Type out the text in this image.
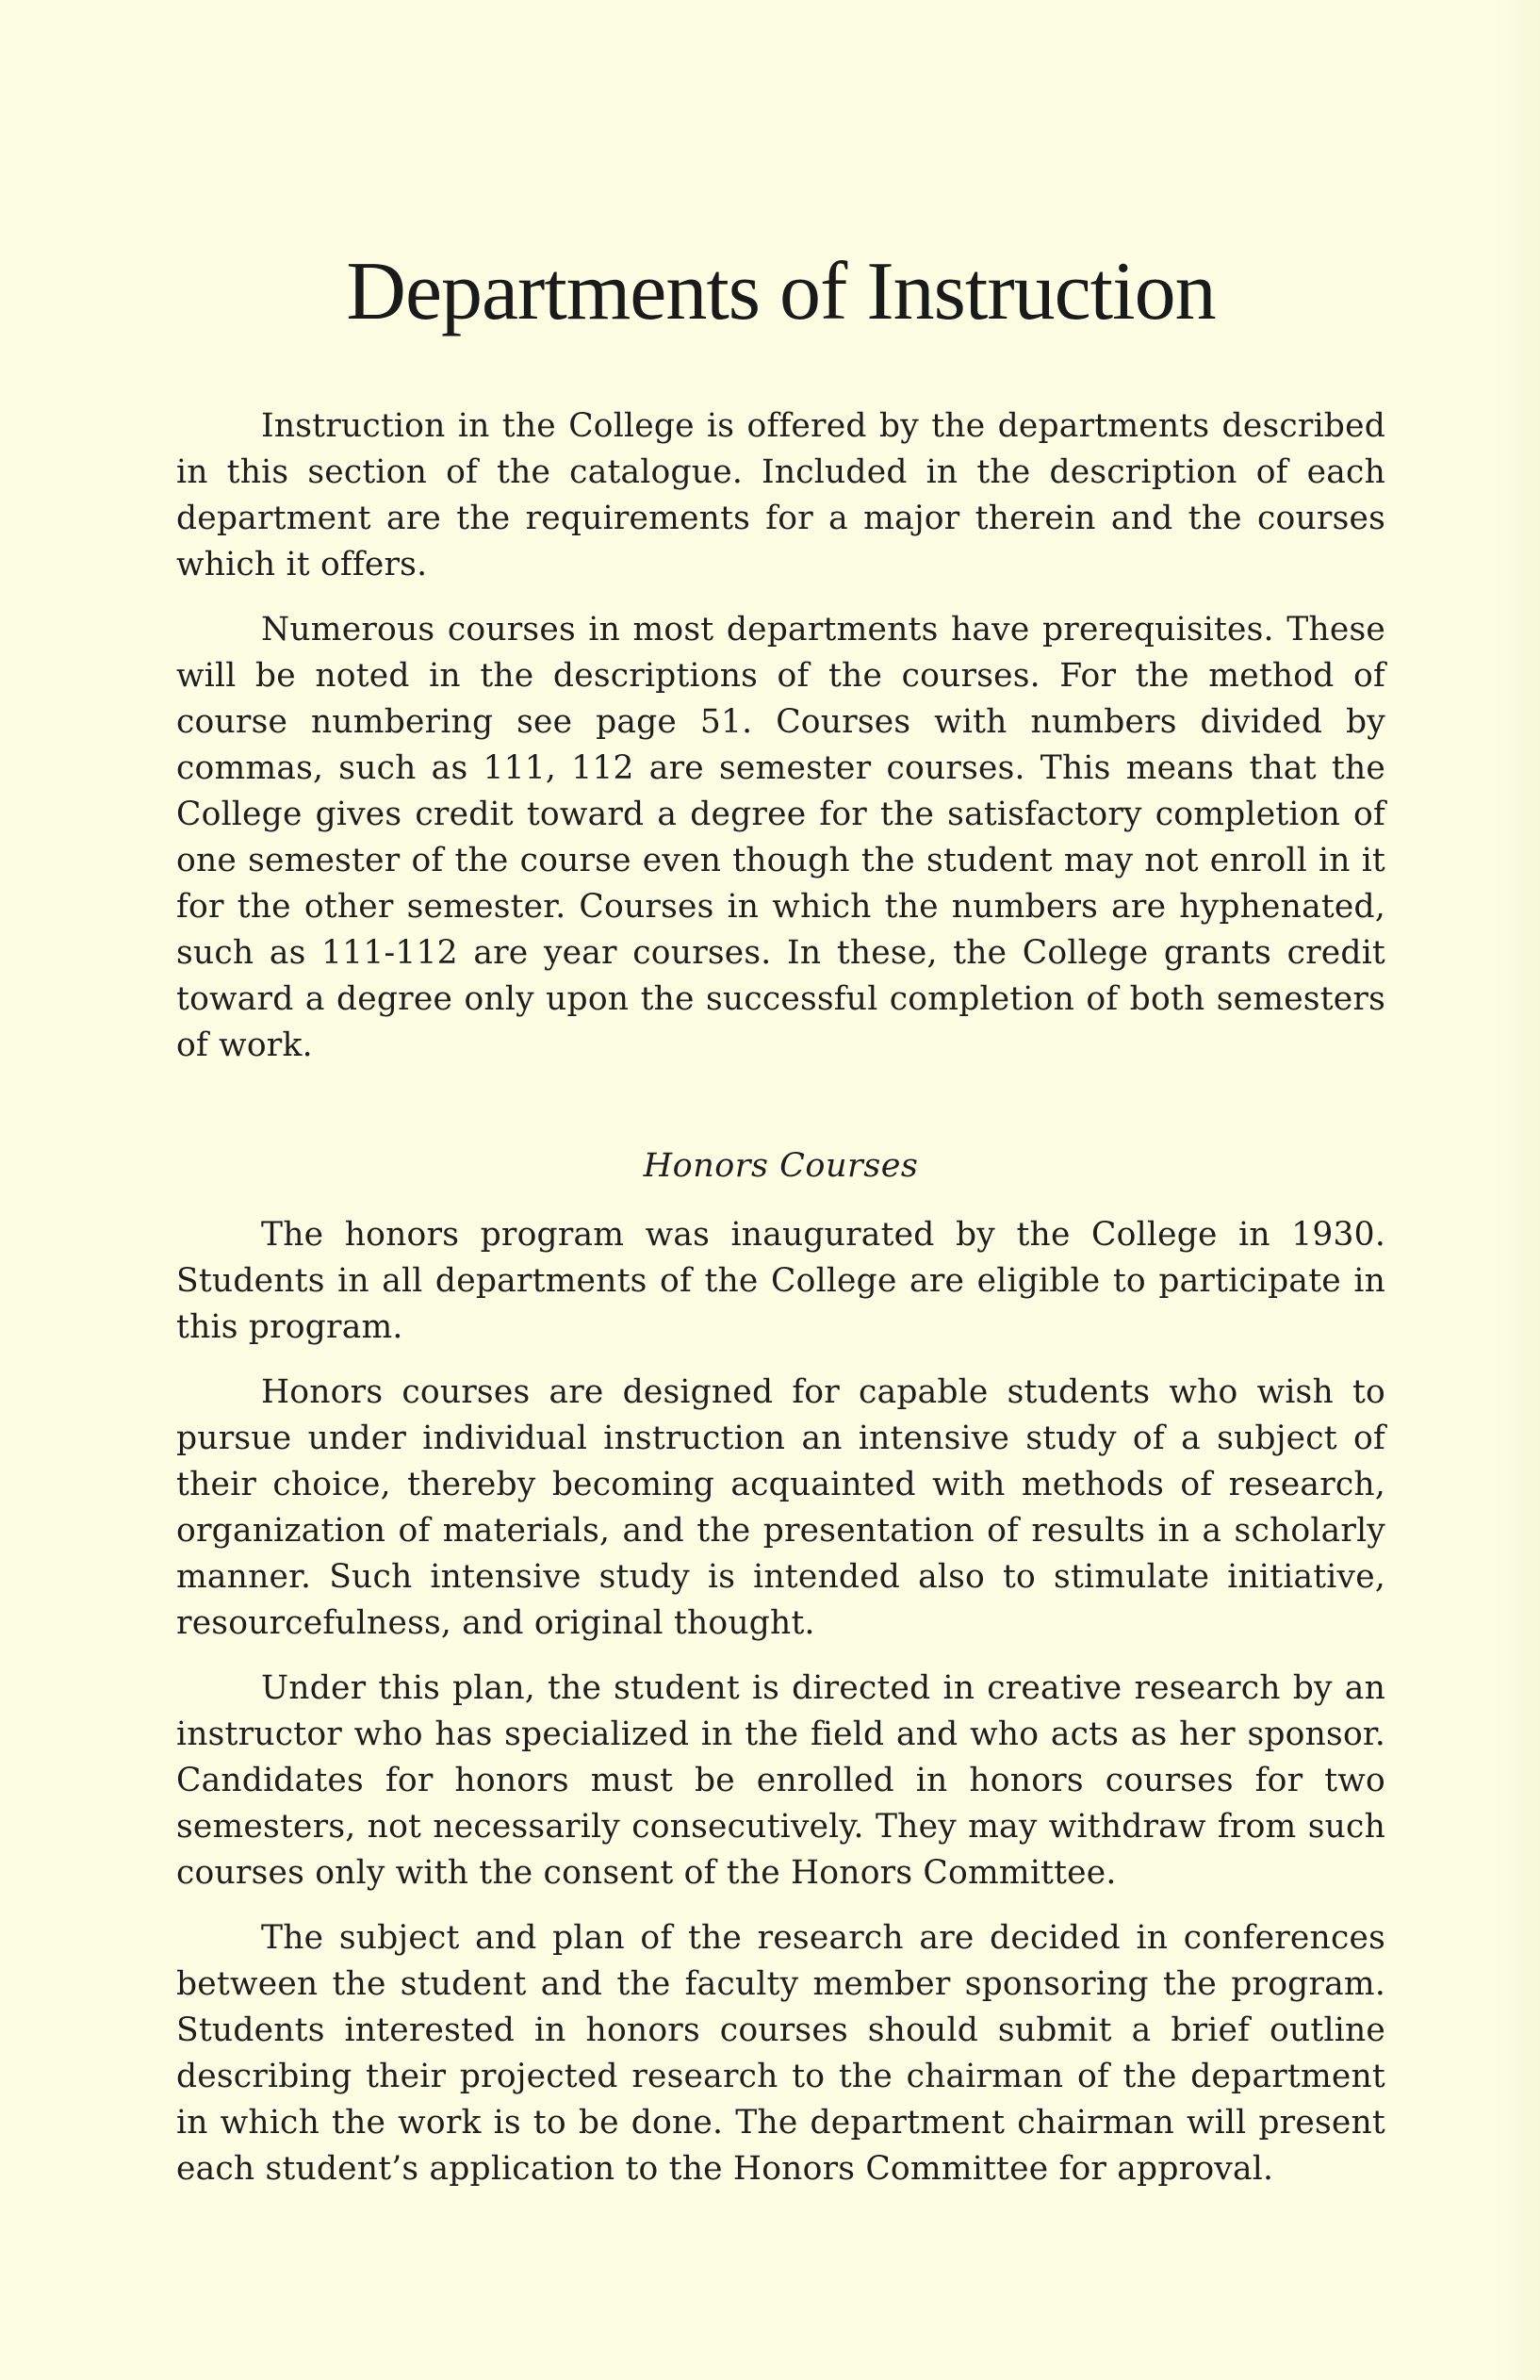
Departments of Instruction

Instruction in the College is offered by the departments described in this section of the catalogue. Included in the description of each department are the requirements for a major therein and the courses which it offers.

Numerous courses in most departments have prerequisites. These will be noted in the descriptions of the courses. For the method of course numbering see page 51. Courses with numbers divided by commas, such as 111, 112 are semester courses. This means that the College gives credit toward a degree for the satisfactory completion of one semester of the course even though the student may not enroll in it for the other semester. Courses in which the numbers are hyphenated, such as 111-112 are year courses. In these, the College grants credit toward a degree only upon the successful completion of both semesters of work.

Honors Courses

The honors program was inaugurated by the College in 1930. Students in all departments of the College are eligible to participate in this program.

Honors courses are designed for capable students who wish to pursue under individual instruction an intensive study of a subject of their choice, thereby becoming acquainted with methods of research, organization of materials, and the presentation of results in a scholarly manner. Such intensive study is intended also to stimulate initiative, resourcefulness, and original thought.

Under this plan, the student is directed in creative research by an instructor who has specialized in the field and who acts as her sponsor. Candidates for honors must be enrolled in honors courses for two semesters, not necessarily consecutively. They may withdraw from such courses only with the consent of the Honors Committee.

The subject and plan of the research are decided in conferences between the student and the faculty member sponsoring the program. Students interested in honors courses should submit a brief outline describing their projected research to the chairman of the department in which the work is to be done. The department chairman will present each student’s application to the Honors Committee for approval.
